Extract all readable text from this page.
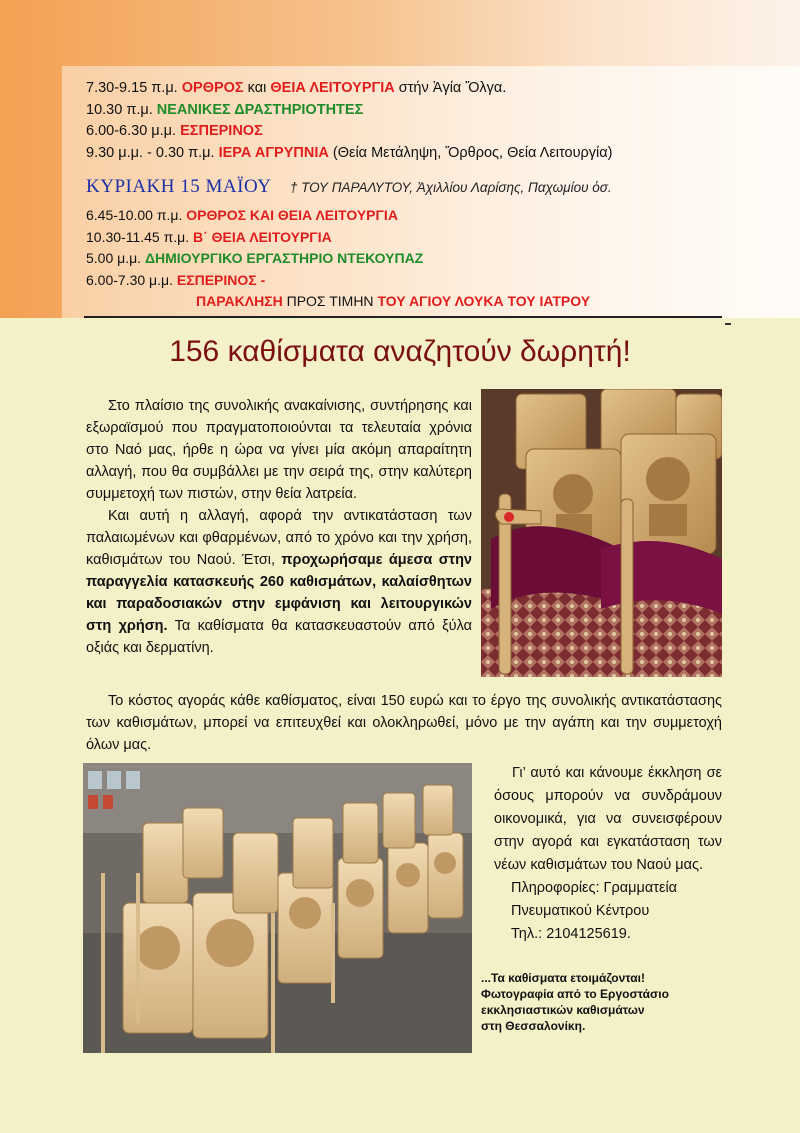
7.30-9.15 π.μ. ΟΡΘΡΟΣ και ΘΕΙΑ ΛΕΙΤΟΥΡΓΙΑ στήν Ἁγία Ὄλγα.
10.30 π.μ. ΝΕΑΝΙΚΕΣ ΔΡΑΣΤΗΡΙΟΤΗΤΕΣ
6.00-6.30 μ.μ. ΕΣΠΕΡΙΝΟΣ
9.30 μ.μ. - 0.30 π.μ. ΙΕΡΑ ΑΓΡΥΠΝΙΑ (Θεία Μετάληψη, Ὄρθρος, Θεία Λειτουργία)
ΚΥΡΙΑΚΗ 15 ΜΑΪΟΥ † ΤΟΥ ΠΑΡΑΛΥΤΟΥ, Ἀχιλλίου Λαρίσης, Παχωμίου ὁσ.
6.45-10.00 π.μ. ΟΡΘΡΟΣ ΚΑΙ ΘΕΙΑ ΛΕΙΤΟΥΡΓΙΑ
10.30-11.45 π.μ. Β΄ ΘΕΙΑ ΛΕΙΤΟΥΡΓΙΑ
5.00 μ.μ. ΔΗΜΙΟΥΡΓΙΚΟ ΕΡΓΑΣΤΗΡΙΟ ΝΤΕΚΟΥΠΑΖ
6.00-7.30 μ.μ. ΕΣΠΕΡΙΝΟΣ -
ΠΑΡΑΚΛΗΣΗ ΠΡΟΣ ΤΙΜΗΝ ΤΟΥ ΑΓΙΟΥ ΛΟΥΚΑ ΤΟΥ ΙΑΤΡΟΥ
156 καθίσματα αναζητούν δωρητή!

Στο πλαίσιο της συνολικής ανακαίνισης, συντήρησης και εξωραϊσμού που πραγματοποιούνται τα τελευταία χρόνια στο Ναό μας, ήρθε η ώρα να γίνει μία ακόμη απαραίτητη αλλαγή, που θα συμβάλλει με την σειρά της, στην καλύτερη συμμετοχή των πιστών, στην θεία λατρεία.

Και αυτή η αλλαγή, αφορά την αντικατάσταση των παλαιωμένων και φθαρμένων, από το χρόνο και την χρήση, καθισμάτων του Ναού. Έτσι, προχωρήσαμε άμεσα στην παραγγελία κατασκευής 260 καθισμάτων, καλαίσθητων και παραδοσιακών στην εμφάνιση και λειτουργικών στη χρήση. Τα καθίσματα θα κατασκευαστούν από ξύλα οξιάς και δερματίνη.

Το κόστος αγοράς κάθε καθίσματος, είναι 150 ευρώ και το έργο της συνολικής αντικατάστασης των καθισμάτων, μπορεί να επιτευχθεί και ολοκληρωθεί, μόνο με την αγάπη και την συμμετοχή όλων μας.

Γι’ αυτό και κάνουμε έκκληση σε όσους μπορούν να συνδράμουν οικονομικά, για να συνεισφέρουν στην αγορά και εγκατάσταση των νέων καθισμάτων του Ναού μας.

Πληροφορίες: Γραμματεία

Πνευματικού Κέντρου

Τηλ.: 2104125619.

...Τα καθίσματα ετοιμάζονται!
Φωτογραφία από το Εργοστάσιο
εκκλησιαστικών καθισμάτων
στη Θεσσαλονίκη.
